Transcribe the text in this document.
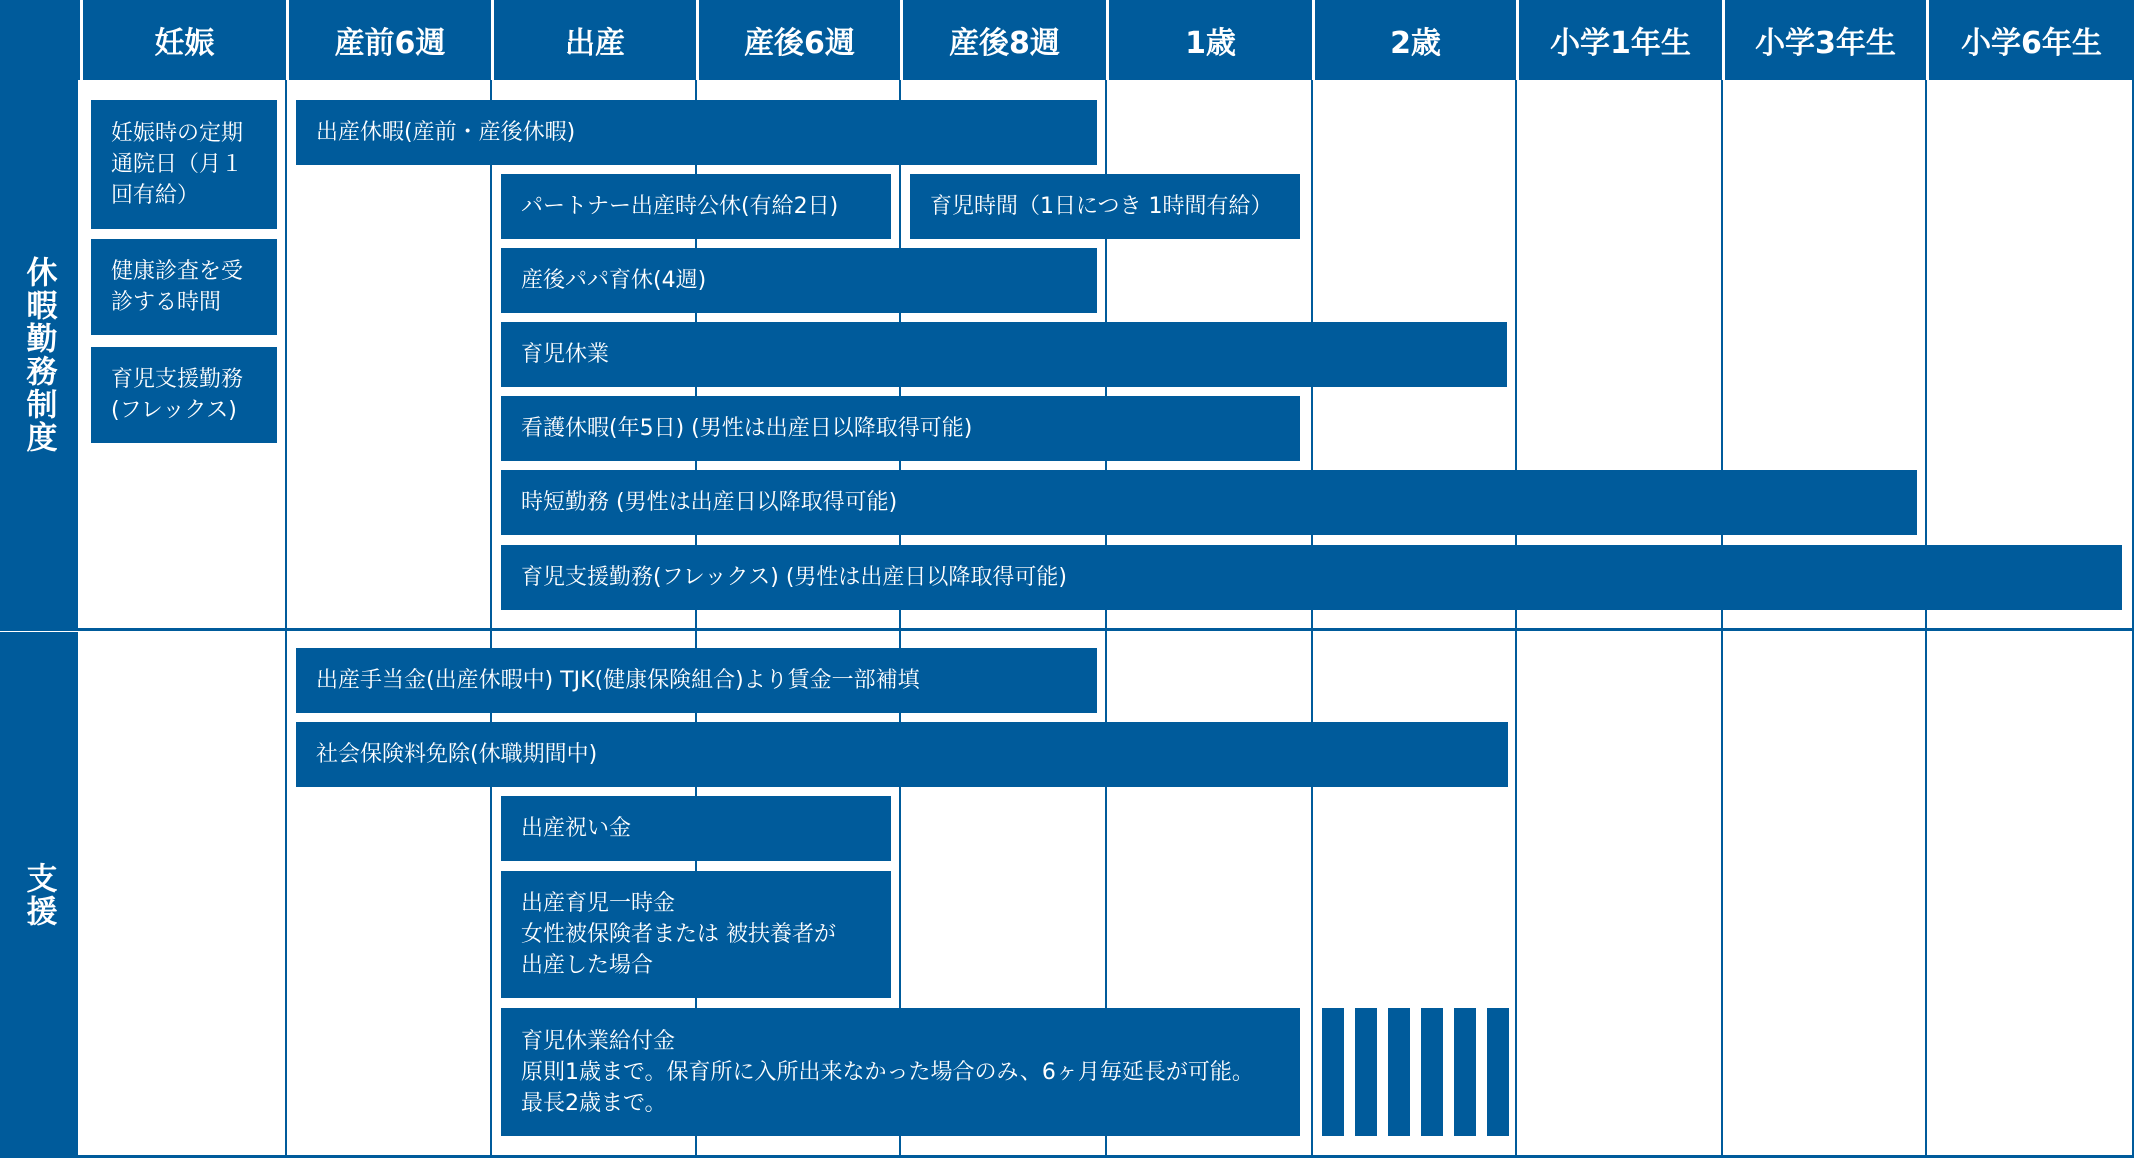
妊娠	産前6週	出産	産後6週	産後8週	1歳	2歳	小学1年生	小学3年生	小学6年生
休暇勤務制度
支援
妊娠時の定期
通院日（月１
回有給）
健康診査を受
診する時間
育児支援勤務
(フレックス)
出産休暇(産前・産後休暇)
パートナー出産時公休(有給2日)	育児時間（1日につき 1時間有給）
産後パパ育休(4週)
育児休業
看護休暇(年5日) (男性は出産日以降取得可能)
時短勤務 (男性は出産日以降取得可能)
育児支援勤務(フレックス) (男性は出産日以降取得可能)
出産手当金(出産休暇中) TJK(健康保険組合)より賃金一部補填
社会保険料免除(休職期間中)
出産祝い金
出産育児一時金
女性被保険者または 被扶養者が
出産した場合
育児休業給付金
原則1歳まで。保育所に入所出来なかった場合のみ、6ヶ月毎延長が可能。
最長2歳まで。
